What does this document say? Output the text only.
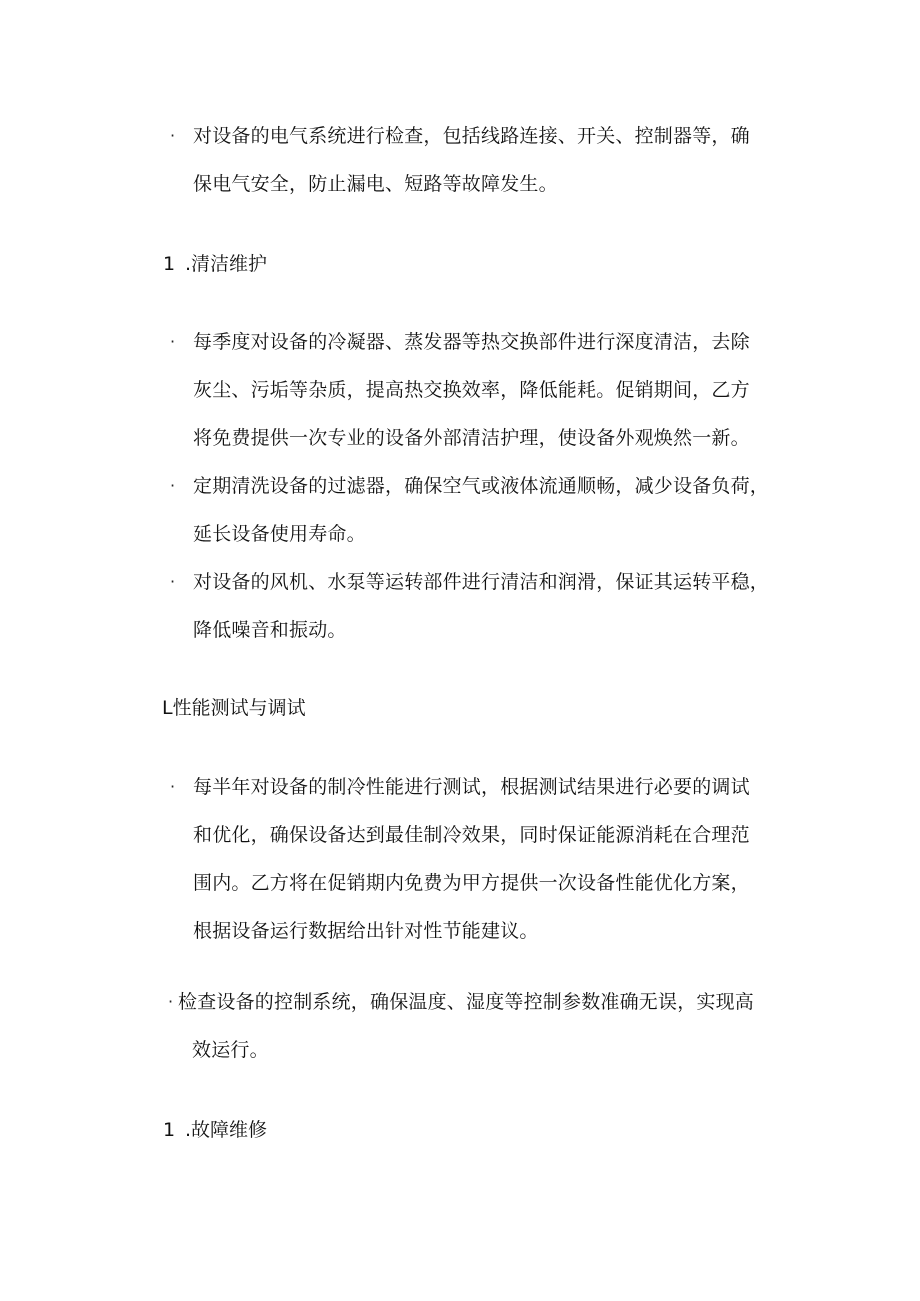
· 对设备的电气系统进行检查，包括线路连接、开关、控制器等，确
保电气安全，防止漏电、短路等故障发生。
1 .清洁维护
· 每季度对设备的冷凝器、蒸发器等热交换部件进行深度清洁，去除
灰尘、污垢等杂质，提高热交换效率，降低能耗。促销期间，乙方
将免费提供一次专业的设备外部清洁护理，使设备外观焕然一新。
· 定期清洗设备的过滤器，确保空气或液体流通顺畅，减少设备负荷，
延长设备使用寿命。
· 对设备的风机、水泵等运转部件进行清洁和润滑，保证其运转平稳，
降低噪音和振动。
L性能测试与调试
· 每半年对设备的制冷性能进行测试，根据测试结果进行必要的调试
和优化，确保设备达到最佳制冷效果，同时保证能源消耗在合理范
围内。乙方将在促销期内免费为甲方提供一次设备性能优化方案，
根据设备运行数据给出针对性节能建议。
· 检查设备的控制系统，确保温度、湿度等控制参数准确无误，实现高
效运行。
1 .故障维修
